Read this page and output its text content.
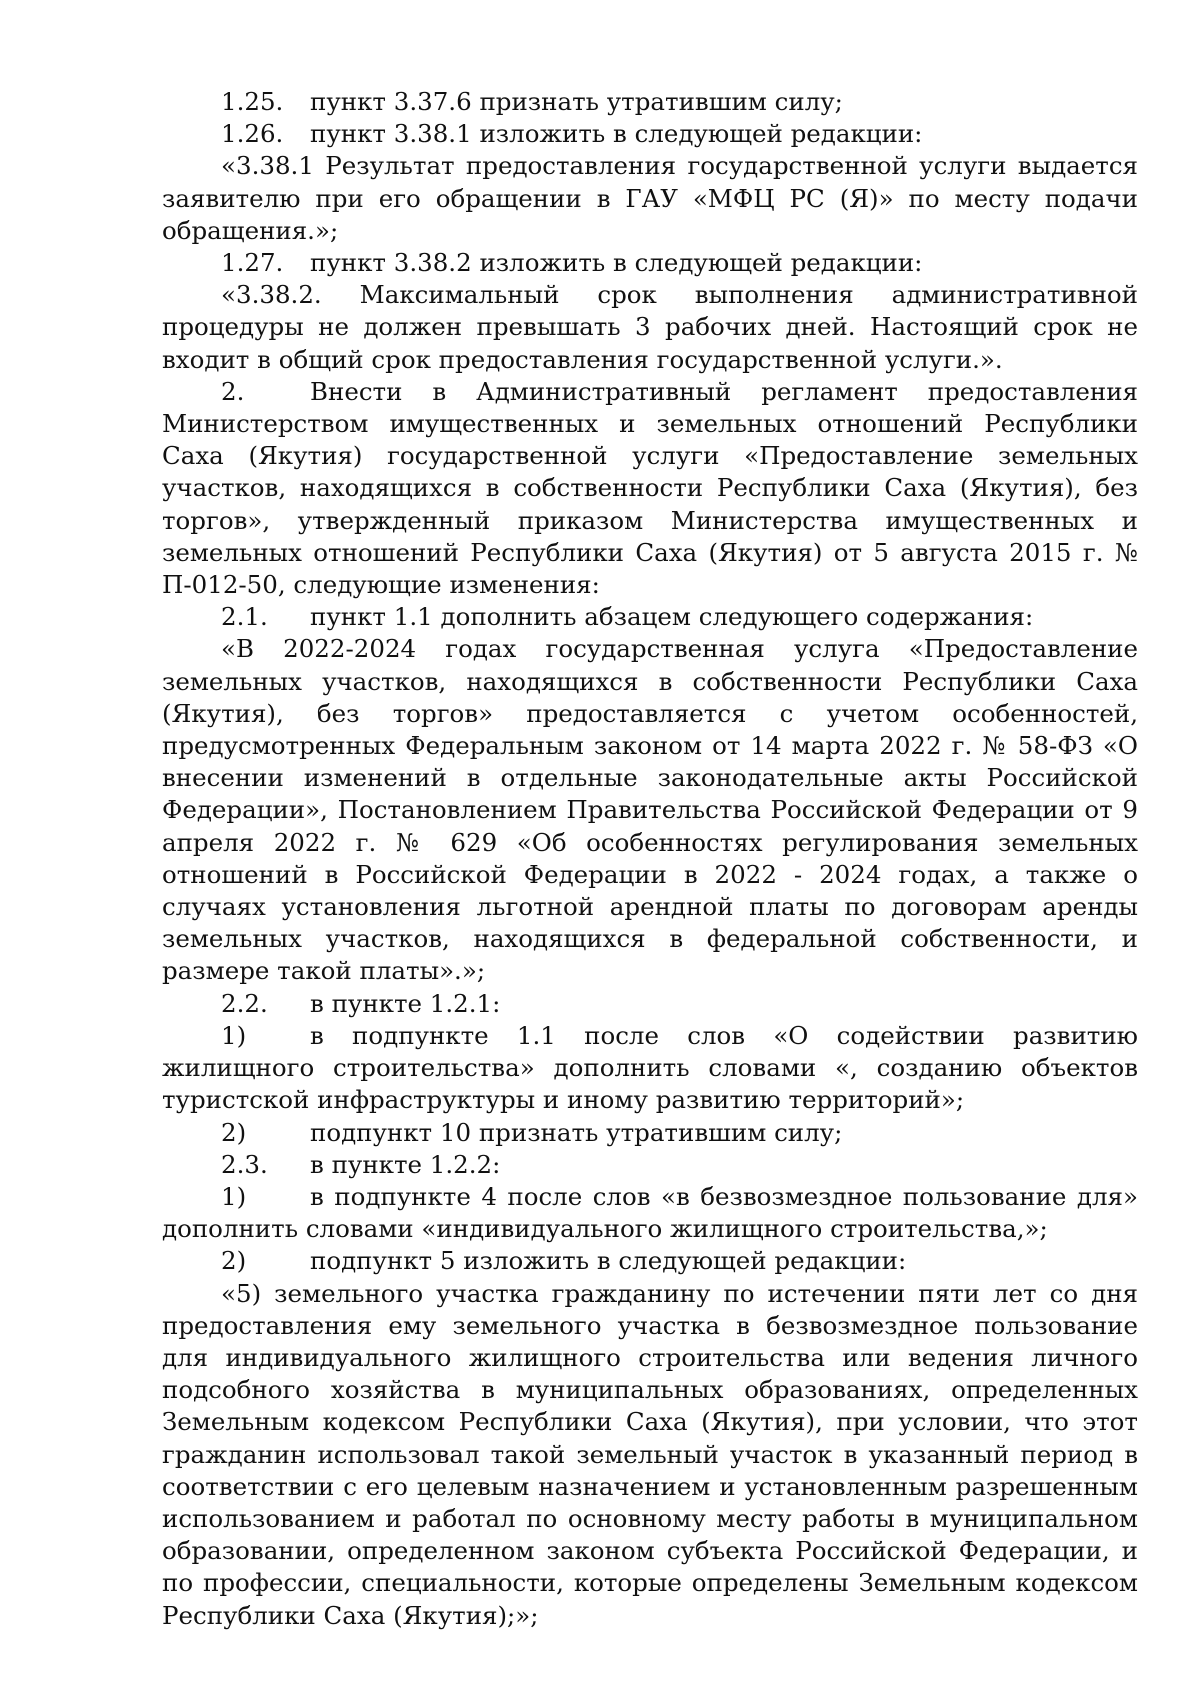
1.25. пункт 3.37.6 признать утратившим силу;

1.26. пункт 3.38.1 изложить в следующей редакции:

«3.38.1 Результат предоставления государственной услуги выдается заявителю при его обращении в ГАУ «МФЦ РС (Я)» по месту подачи обращения.»;

1.27. пункт 3.38.2 изложить в следующей редакции:

«3.38.2. Максимальный срок выполнения административной процедуры не должен превышать 3 рабочих дней. Настоящий срок не входит в общий срок предоставления государственной услуги.».

2.	Внести в Административный регламент предоставления Министерством имущественных и земельных отношений Республики Саха (Якутия) государственной услуги «Предоставление земельных участков, находящихся в собственности Республики Саха (Якутия), без торгов», утвержденный приказом Министерства имущественных и земельных отношений Республики Саха (Якутия) от 5 августа 2015 г. № П-012-50, следующие изменения:

2.1. пункт 1.1 дополнить абзацем следующего содержания:

«В 2022-2024 годах государственная услуга «Предоставление земельных участков, находящихся в собственности Республики Саха (Якутия), без торгов» предоставляется с учетом особенностей, предусмотренных Федеральным законом от 14 марта 2022 г. № 58-ФЗ «О внесении изменений в отдельные законодательные акты Российской Федерации», Постановлением Правительства Российской Федерации от 9 апреля 2022 г. № 629 «Об особенностях регулирования земельных отношений в Российской Федерации в 2022 - 2024 годах, а также о случаях установления льготной арендной платы по договорам аренды земельных участков, находящихся в федеральной собственности, и размере такой платы».»;

2.2. в пункте 1.2.1:

1)	в подпункте 1.1 после слов «О содействии развитию жилищного строительства» дополнить словами «, созданию объектов туристской инфраструктуры и иному развитию территорий»;

2)	подпункт 10 признать утратившим силу;

2.3. в пункте 1.2.2:

1)	в подпункте 4 после слов «в безвозмездное пользование для» дополнить словами «индивидуального жилищного строительства,»;

2)	подпункт 5 изложить в следующей редакции:

«5) земельного участка гражданину по истечении пяти лет со дня предоставления ему земельного участка в безвозмездное пользование для индивидуального жилищного строительства или ведения личного подсобного хозяйства в муниципальных образованиях, определенных Земельным кодексом Республики Саха (Якутия), при условии, что этот гражданин использовал такой земельный участок в указанный период в соответствии с его целевым назначением и установленным разрешенным использованием и работал по основному месту работы в муниципальном образовании, определенном законом субъекта Российской Федерации, и по профессии, специальности, которые определены Земельным кодексом Республики Саха (Якутия);»;
